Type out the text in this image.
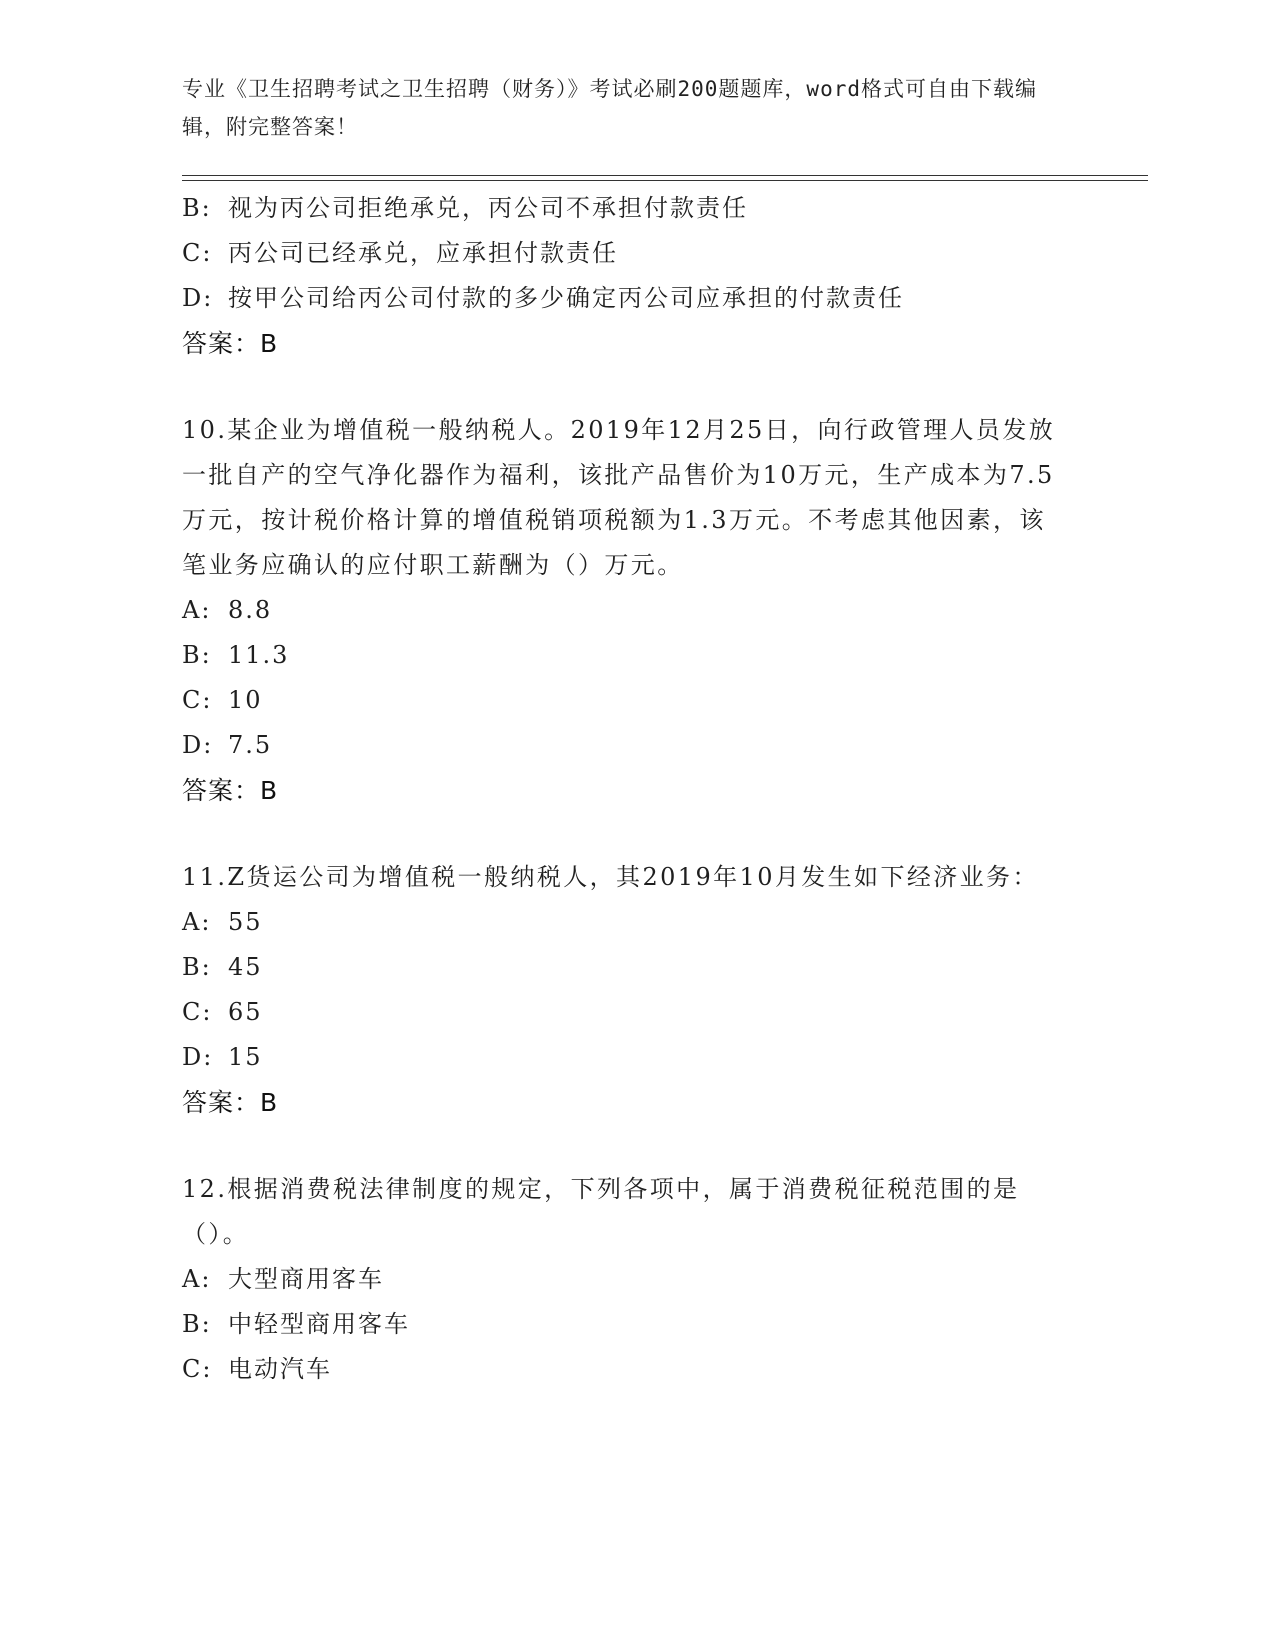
专业《卫生招聘考试之卫生招聘（财务）》考试必刷200题题库，word格式可自由下载编辑，附完整答案！
B: 视为丙公司拒绝承兑，丙公司不承担付款责任
C: 丙公司已经承兑，应承担付款责任
D: 按甲公司给丙公司付款的多少确定丙公司应承担的付款责任
答案：B
10.某企业为增值税一般纳税人。2019年12月25日，向行政管理人员发放一批自产的空气净化器作为福利，该批产品售价为10万元，生产成本为7.5万元，按计税价格计算的增值税销项税额为1.3万元。不考虑其他因素，该笔业务应确认的应付职工薪酬为（）万元。
A: 8.8
B: 11.3
C: 10
D: 7.5
答案：B
11.Z货运公司为增值税一般纳税人，其2019年10月发生如下经济业务：
A: 55
B: 45
C: 65
D: 15
答案：B
12.根据消费税法律制度的规定，下列各项中，属于消费税征税范围的是（）。
A: 大型商用客车
B: 中轻型商用客车
C: 电动汽车
